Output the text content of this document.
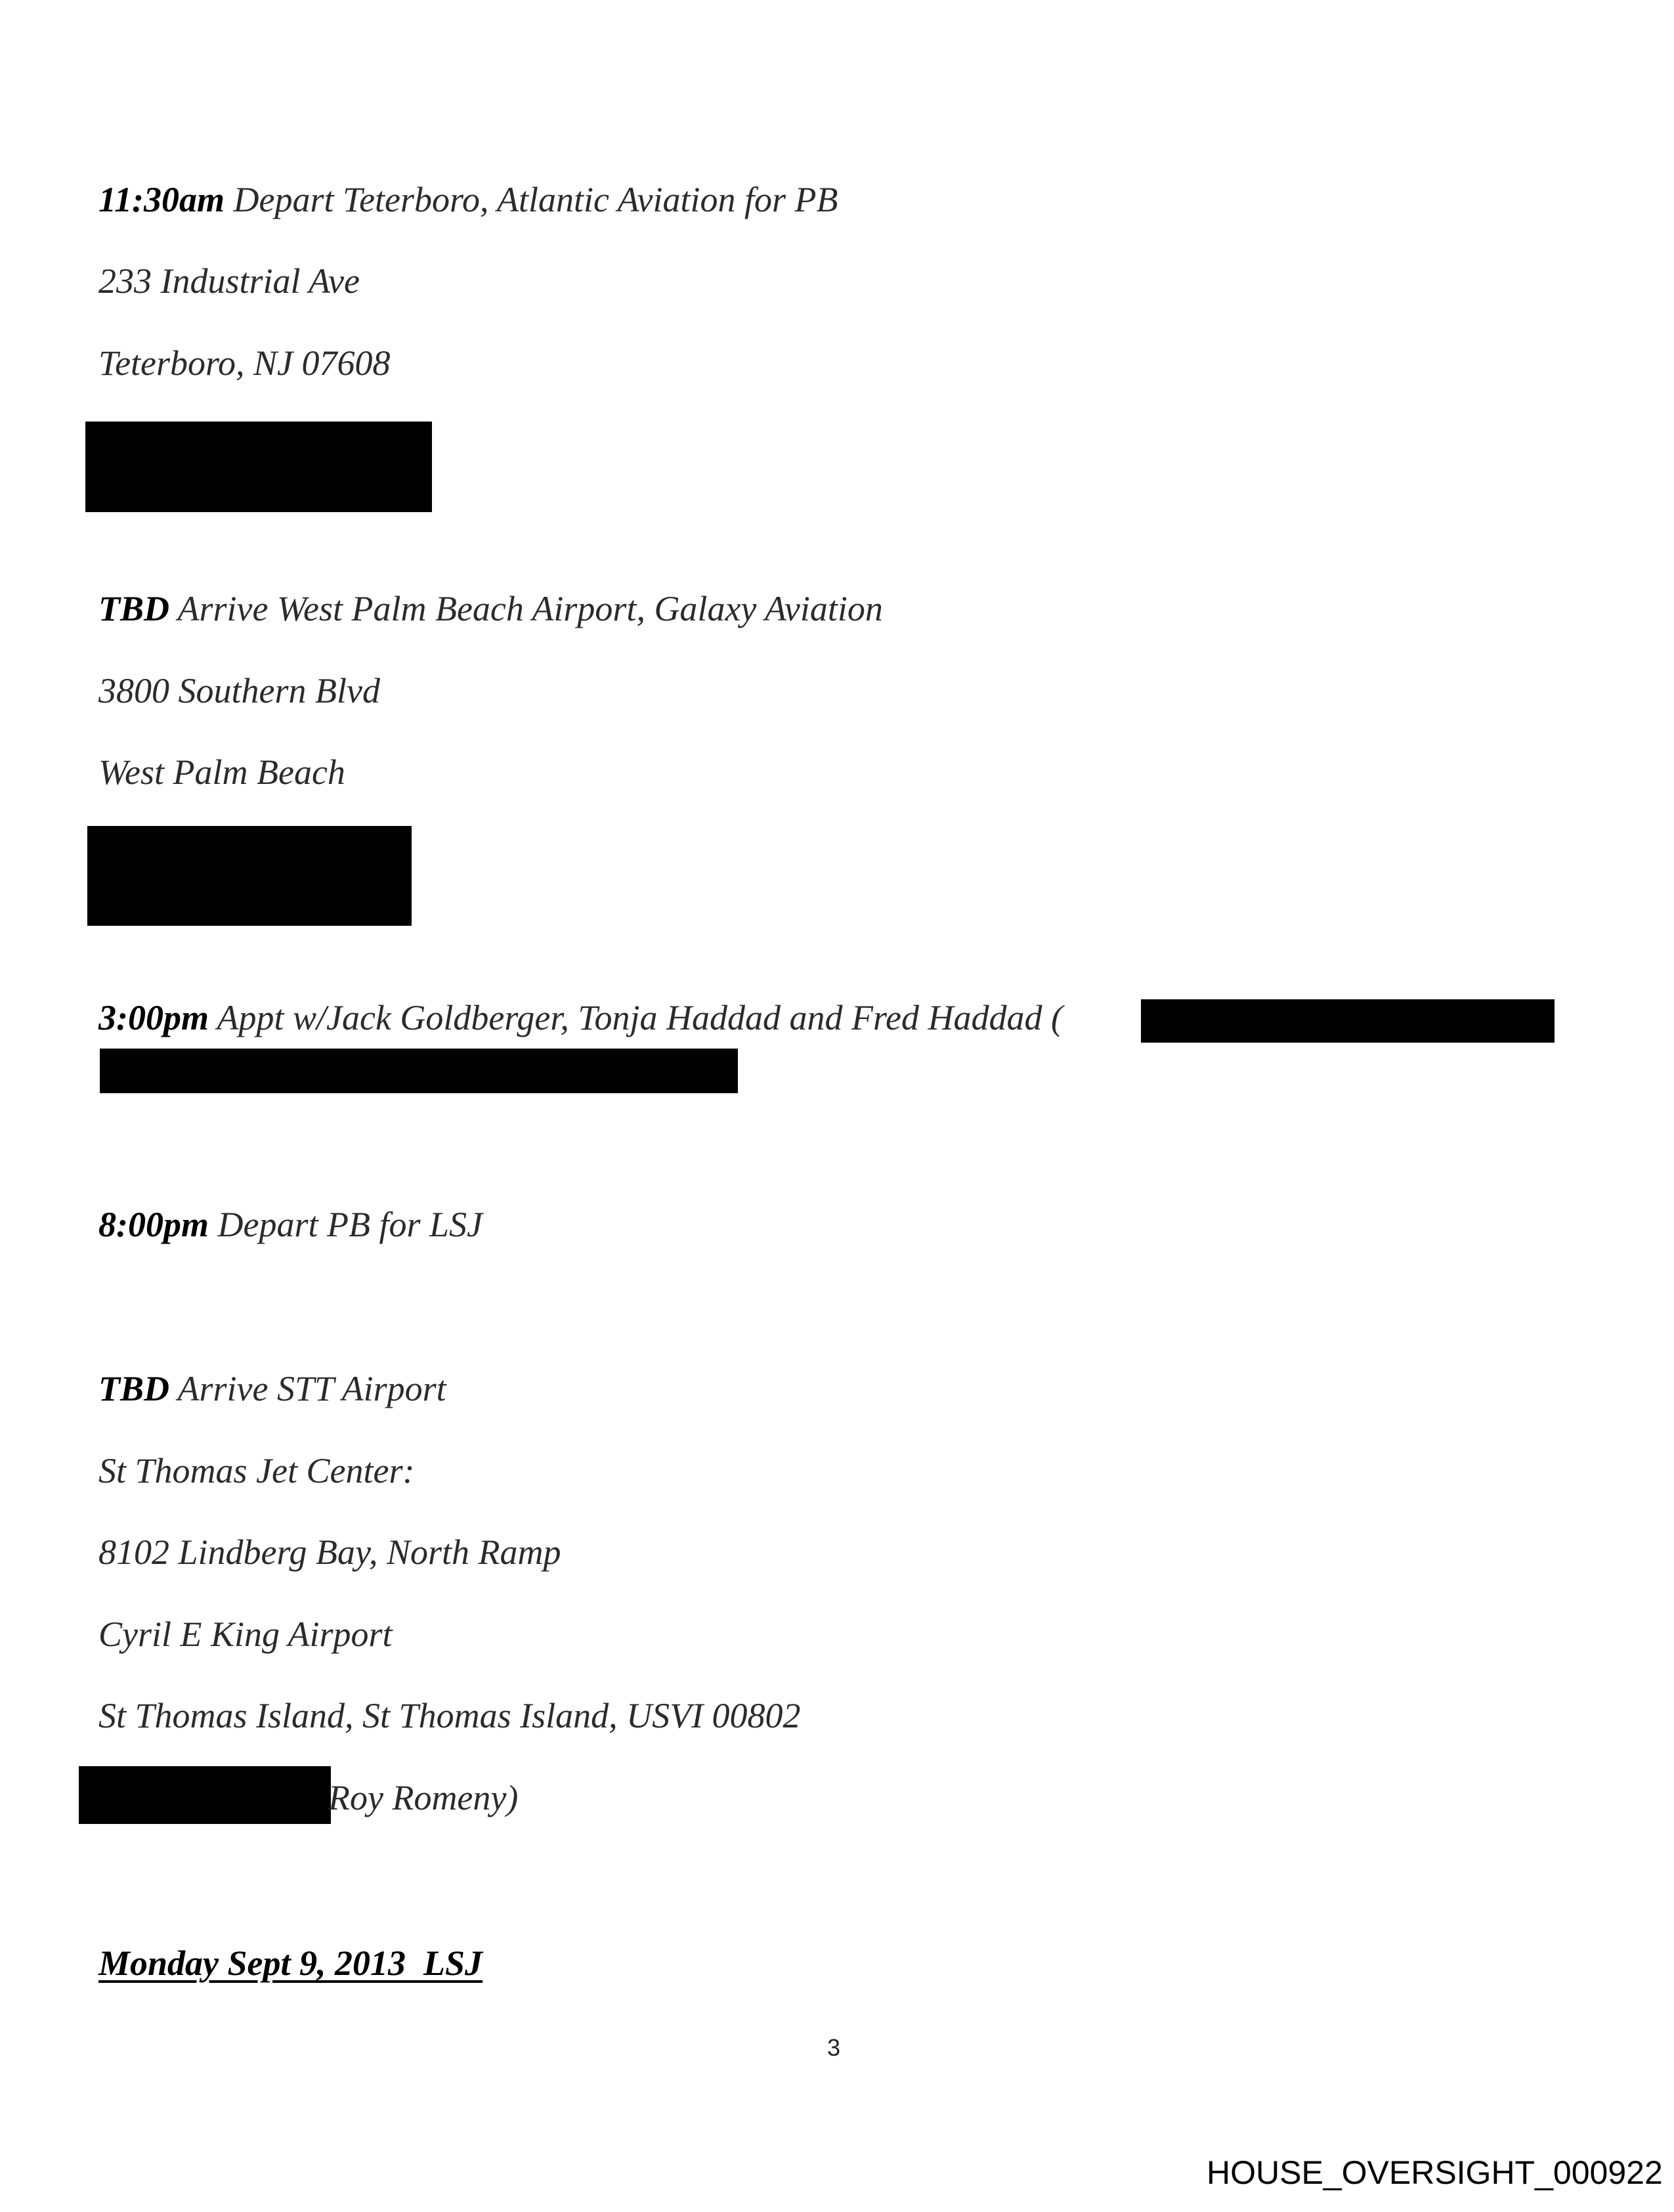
11:30am Depart Teterboro, Atlantic Aviation for PB
233 Industrial Ave
Teterboro, NJ 07608
TBD Arrive West Palm Beach Airport, Galaxy Aviation
3800 Southern Blvd
West Palm Beach
3:00pm Appt w/Jack Goldberger, Tonja Haddad and Fred Haddad (
8:00pm Depart PB for LSJ
TBD Arrive STT Airport
St Thomas Jet Center:
8102 Lindberg Bay, North Ramp
Cyril E King Airport
St Thomas Island, St Thomas Island, USVI 00802
Roy Romeny)
Monday Sept 9, 2013  LSJ
3
HOUSE_OVERSIGHT_000922
